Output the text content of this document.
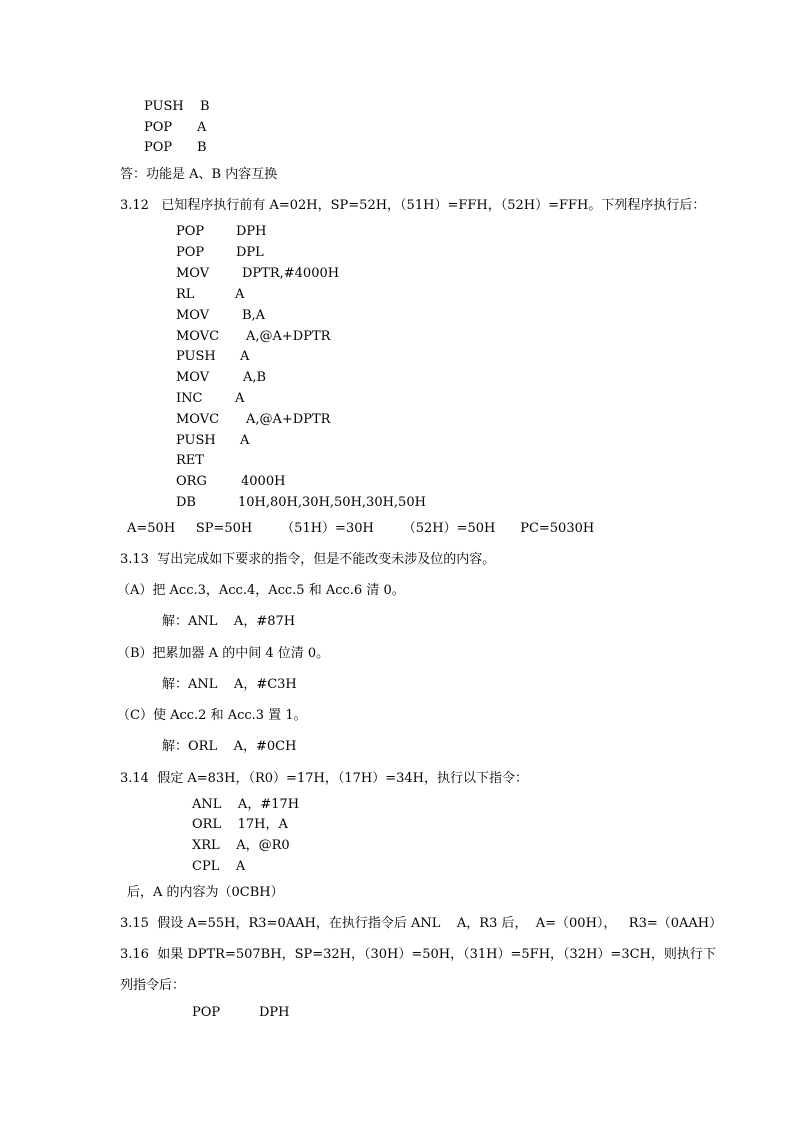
PUSH B
POP A
POP B
答：功能是 A、B 内容互换
3.12   已知程序执行前有 A=02H，SP=52H，（51H）=FFH，（52H）=FFH。下列程序执行后：
POP DPH
POP DPL
MOV	DPTR,#4000H
RL	A
MOV	B,A
MOVC A,@A+DPTR
PUSH A
MOV	A,B
INC	A
MOVC A,@A+DPTR
PUSH A
RET
ORG	4000H
DB	10H,80H,30H,50H,30H,50H
A=50H     SP=50H       （51H）=30H       （52H）=50H      PC=5030H
3.13  写出完成如下要求的指令，但是不能改变未涉及位的内容。
（A）把 Acc.3，Acc.4，Acc.5 和 Acc.6 清 0。
解：ANL    A，#87H
（B）把累加器 A 的中间 4 位清 0。
解：ANL    A，#C3H
（C）使 Acc.2 和 Acc.3 置 1。
解：ORL    A，#0CH
3.14  假定 A=83H，（R0）=17H，（17H）=34H，执行以下指令：
ANL    A，#17H
ORL    17H，A
XRL    A，@R0
CPL    A
后，A 的内容为（0CBH）
3.15  假设 A=55H，R3=0AAH，在执行指令后 ANL    A，R3 后，  A=（00H），   R3=（0AAH）
3.16  如果 DPTR=507BH，SP=32H，（30H）=50H，（31H）=5FH，（32H）=3CH，则执行下
列指令后：
POP	DPH
